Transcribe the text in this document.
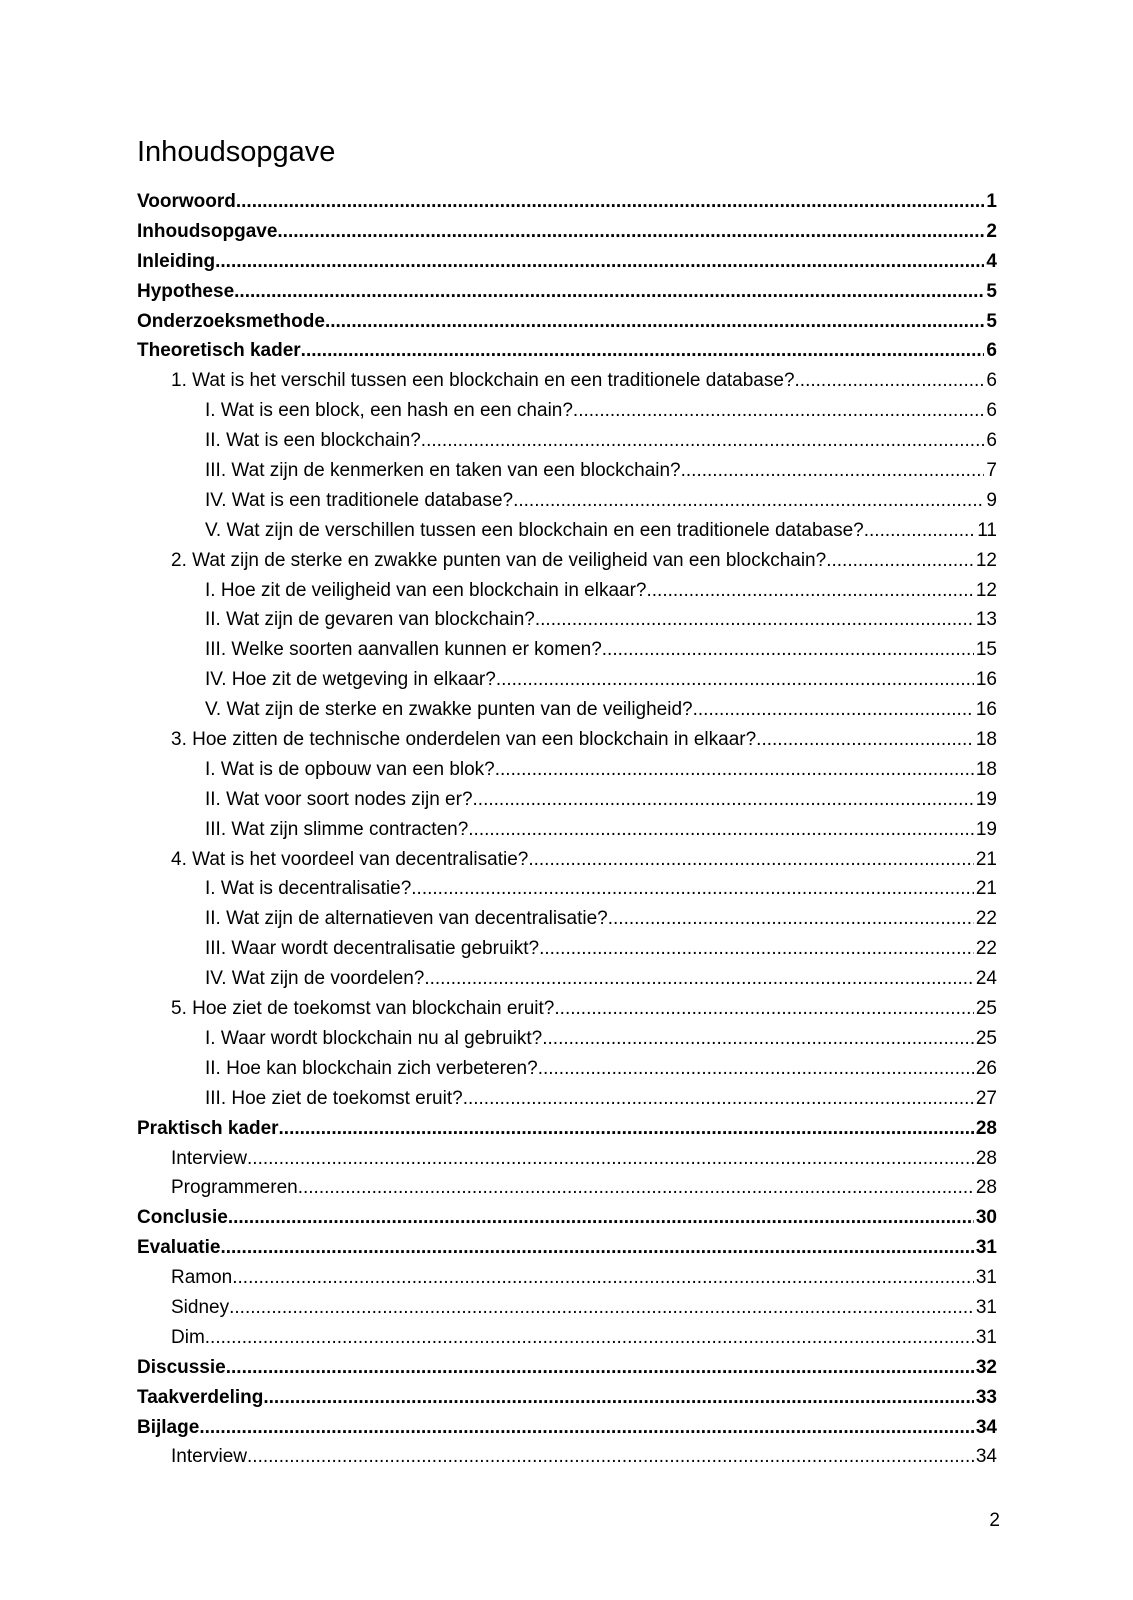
Inhoudsopgave
Voorwoord .....	1
Inhoudsopgave .....	2
Inleiding .....	4
Hypothese .....	5
Onderzoeksmethode .....	5
Theoretisch kader .....	6
1. Wat is het verschil tussen een blockchain en een traditionele database? .....	6
I. Wat is een block, een hash en een chain? .....	6
II. Wat is een blockchain? .....	6
III. Wat zijn de kenmerken en taken van een blockchain? .....	7
IV. Wat is een traditionele database? .....	9
V. Wat zijn de verschillen tussen een blockchain en een traditionele database? .....	11
2. Wat zijn de sterke en zwakke punten van de veiligheid van een blockchain? .....	12
I. Hoe zit de veiligheid van een blockchain in elkaar? .....	12
II. Wat zijn de gevaren van blockchain? .....	13
III. Welke soorten aanvallen kunnen er komen? .....	15
IV. Hoe zit de wetgeving in elkaar? .....	16
V. Wat zijn de sterke en zwakke punten van de veiligheid? .....	16
3. Hoe zitten de technische onderdelen van een blockchain in elkaar? .....	18
I. Wat is de opbouw van een blok? .....	18
II. Wat voor soort nodes zijn er? .....	19
III. Wat zijn slimme contracten? .....	19
4. Wat is het voordeel van decentralisatie? .....	21
I. Wat is decentralisatie? .....	21
II. Wat zijn de alternatieven van decentralisatie? .....	22
III. Waar wordt decentralisatie gebruikt? .....	22
IV. Wat zijn de voordelen? .....	24
5. Hoe ziet de toekomst van blockchain eruit? .....	25
I. Waar wordt blockchain nu al gebruikt? .....	25
II. Hoe kan blockchain zich verbeteren? .....	26
III. Hoe ziet de toekomst eruit? .....	27
Praktisch kader .....	28
Interview .....	28
Programmeren .....	28
Conclusie .....	30
Evaluatie .....	31
Ramon .....	31
Sidney .....	31
Dim .....	31
Discussie .....	32
Taakverdeling .....	33
Bijlage .....	34
Interview .....	34
2
